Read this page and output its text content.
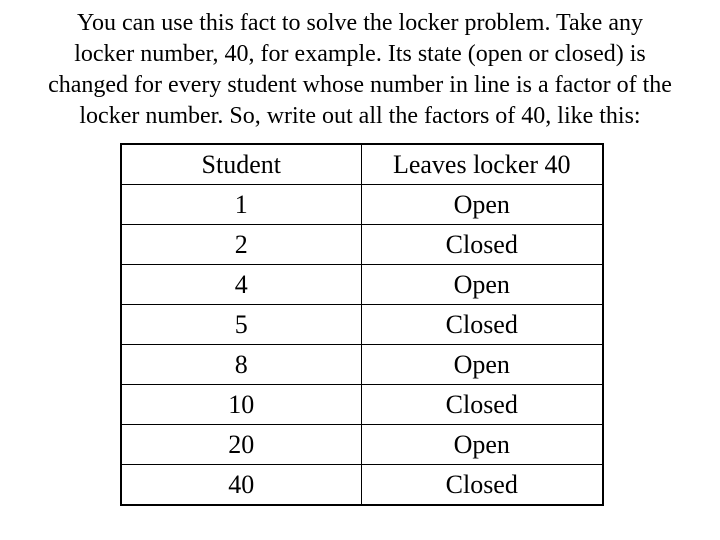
You can use this fact to solve the locker problem. Take any
locker number, 40, for example. Its state (open or closed) is
changed for every student whose number in line is a factor of the
locker number. So, write out all the factors of 40, like this:

Student	Leaves locker 40
1	Open
2	Closed
4	Open
5	Closed
8	Open
10	Closed
20	Open
40	Closed
